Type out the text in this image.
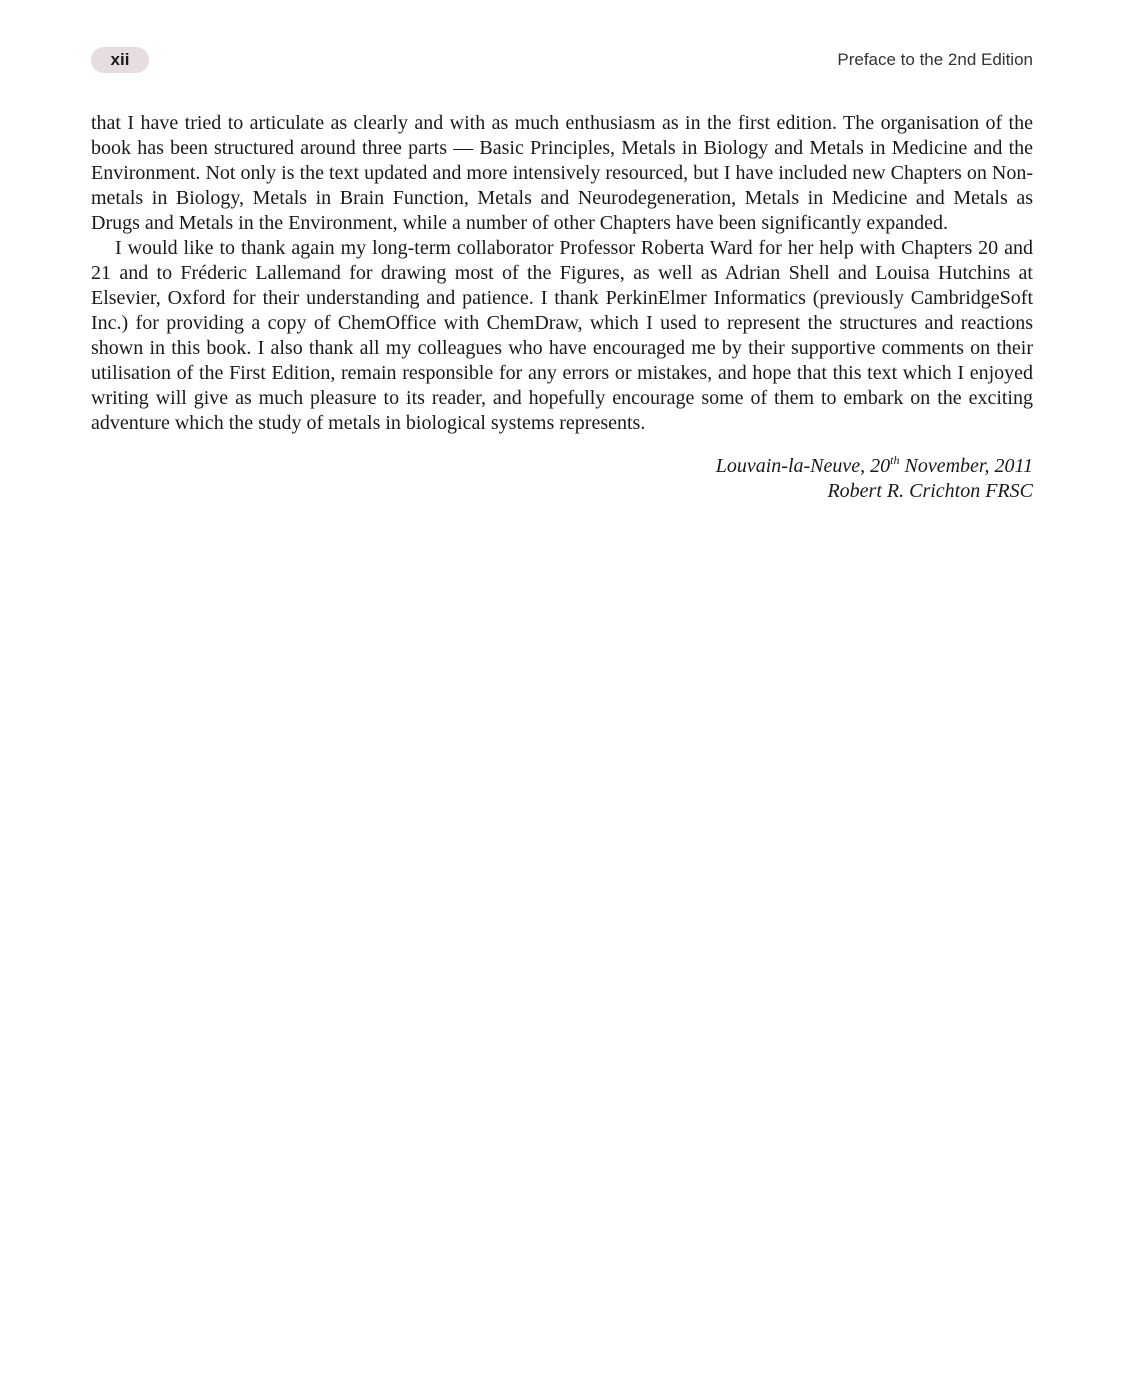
xii	Preface to the 2nd Edition

that I have tried to articulate as clearly and with as much enthusiasm as in the first edition. The organisation of the book has been structured around three parts — Basic Principles, Metals in Biology and Metals in Medicine and the Environment. Not only is the text updated and more intensively resourced, but I have included new Chapters on Non-metals in Biology, Metals in Brain Function, Metals and Neurodegeneration, Metals in Medicine and Metals as Drugs and Metals in the Environment, while a number of other Chapters have been significantly expanded.

I would like to thank again my long-term collaborator Professor Roberta Ward for her help with Chapters 20 and 21 and to Fréderic Lallemand for drawing most of the Figures, as well as Adrian Shell and Louisa Hutchins at Elsevier, Oxford for their understanding and patience. I thank PerkinElmer Informatics (previously CambridgeSoft Inc.) for providing a copy of ChemOffice with ChemDraw, which I used to represent the structures and reactions shown in this book. I also thank all my colleagues who have encouraged me by their supportive comments on their utilisation of the First Edition, remain responsible for any errors or mistakes, and hope that this text which I enjoyed writing will give as much pleasure to its reader, and hopefully encourage some of them to embark on the exciting adventure which the study of metals in biological systems represents.

Louvain-la-Neuve, 20th November, 2011
Robert R. Crichton FRSC
